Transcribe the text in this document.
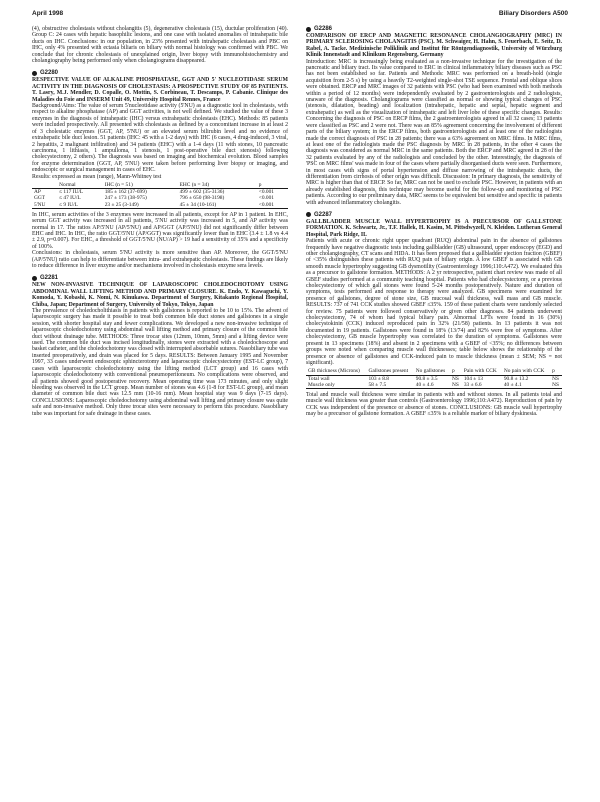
April 1998	Biliary Disorders A500

(4), obstructive cholestasis without cholangitis (5), degenerative cholestasis (15), ductular proliferation (40). Group C: 24 cases with hepatic basophilic lesions, and one case with isolated anomalies of intrahepatic bile ducts on IHC. Conclusions: in our population, in 23% presented with intrahepatic cholestasis and PBC on IHC, only 4% presented with ectasia biliaris on biliary with normal histology was confirmed with PBC. We conclude that for chronic cholestasis of unexplained origin, liver biopsy with immunohistochemistry and cholangiography being performed only when cholangiograms disappeared.

G2280

RESPECTIVE VALUE OF ALKALINE PHOSPHATASE, GGT AND 5' NUCLEOTIDASE SERUM ACTIVITY IN THE DIAGNOSIS OF CHOLESTASIS: A PROSPECTIVE STUDY OF 85 PATIENTS. T. Lasry, M.J. Mendler, D. Copalle, O. Mottin, S. Corbineau, T. Descamps, P. Cabanie. Clinique des Maladies du Foie and INSERM Unit 49, University Hospital Rennes, France

Background/Aims: The value of serum 5'nucleotidase activity (5'NU) as a diagnostic tool in cholestasis, with respect to alkaline phosphatase (AP) and GGT activities, is not well defined. We studied the value of these 3 enzymes in the diagnosis of intrahepatic (IHC) versus extrahepatic cholestasis (EHC). Methods: 85 patients were included prospectively. All presented with cholestasis as defined by a concomitant increase in at least 2 of 3 cholestatic enzymes (GGT, AP, 5'NU) or an elevated serum bilirubin level and no evidence of extrahepatic bile duct lesion. 51 patients (IHC: 45 with a 1-2 days) with IHC (6 cases, 4 drug-induced, 3 viral, 2 hepatitis, 2 malignant infiltration) and 34 patients (EHC) with a 1-4 days (11 with stones, 10 pancreatic carcinoma, 1 lithiasis, 1 ampulloma, 1 stenosis, 1 post-operative bile duct stenosis) following cholecystectomy, 2 others). The diagnosis was based on imaging and biochemical evolution. Blood samples for enzyme determination (GGT, AP, 5'NU) were taken before performing liver biopsy or imaging, and endoscopic or surgical management in cases of EHC.

Results: expressed as mean (range), Mann-Whitney test

	Normal	IHC (n = 51)	EHC (n = 34)	p
AP	≤ 117 IU/L	185 ± 162 (37-699)	499 ± 602 (35-3136)	<0.001
GGT	≤ 47 IU/L	247 ± 173 (38-975)	796 ± 650 (98-3198)	<0.001
5'NU	≤ 9 IU/L	23 ± 25 (3-149)	45 ± 34 (10-161)	<0.001

In IHC, serum activities of the 3 enzymes were increased in all patients, except for AP in 1 patient. In EHC, serum GGT activity was increased in all patients, 5'NU activity was increased in 5, and AP activity was normal in 17. The ratios AP/5'NU (AP/5'NU) and AP/GGT (AP/5'NU) did not significantly differ between EHC and IHC. In IHC, the ratio GGT/5'NU (AP/GGT) was significantly lower than in EHC (3.4 ± 1.8 vs 4.4 ± 2.9, p=0.007). For EHC, a threshold of GGT/5'NU (NU/AP) > 19 had a sensitivity of 35% and a specificity of 100%.

Conclusions: in cholestasis, serum 5'NU activity is more sensitive than AP. Moreover, the GGT/5'NU (AP/5'NU) ratio can help to differentiate between intra- and extrahepatic cholestasis. These findings are likely to reduce difference in liver enzyme and/or mechanisms involved in cholestasis enzyme sera levels.

G2281

NEW NON-INVASIVE TECHNIQUE OF LAPAROSCOPIC CHOLEDOCHOTOMY USING ABDOMINAL WALL LIFTING METHOD AND PRIMARY CLOSURE. K. Endo, Y. Kawaguchi, Y. Komoda, Y. Kobashi, K. Nomi, N. Kinukawa. Department of Surgery, Kitakanto Regional Hospital, Chiba, Japan; Department of Surgery, University of Tokyo, Tokyo, Japan

The prevalence of choledocholithiasis in patients with gallstones is reported to be 10 to 15%. The advent of laparoscopic surgery has made it possible to treat both common bile duct stones and gallstones in a single session, with shorter hospital stay and fewer complications. We developed a new non-invasive technique of laparoscopic choledochotomy using abdominal wall lifting method and primary closure of the common bile duct without drainage tube. METHODS: Three trocar sites (12mm, 10mm, 5mm) and a lifting device were used. The common bile duct was incised longitudinally, stones were extracted with a choledochoscope and basket catheter, and the choledochotomy was closed with interrupted absorbable sutures. Nasobiliary tube was inserted preoperatively, and drain was placed for 5 days. RESULTS: Between January 1995 and November 1997, 33 cases underwent endoscopic sphincterotomy and laparoscopic cholecystectomy (EST-LC group), 7 cases with laparoscopic choledochotomy using the lifting method (LCT group) and 16 cases with laparoscopic choledochotomy with conventional pneumoperitoneum. No complications were observed, and all patients showed good postoperative recovery. Mean operating time was 173 minutes, and only slight bleeding was observed in the LCT group. Mean number of stones was 4.6 (1-8 for EST-LC group), and mean diameter of common bile duct was 12.5 mm (10-16 mm). Mean hospital stay was 9 days (7-15 days). CONCLUSIONS: Laparoscopic choledochotomy using abdominal wall lifting and primary closure was quite safe and non-invasive method. Only three trocar sites were necessary to perform this procedure. Nasobiliary tube was important for safe drainage in these cases.

G2286

COMPARISON OF ERCP AND MAGNETIC RESONANCE CHOLANGIOGRAPHY (MRC) IN PRIMARY SCLEROSING CHOLANGITIS (PSC). M. Schwaiger, H. Hahn, S. Feuerbach, E. Seitz, D. Rabel, A. Tacke. Medizinische Poliklinik and Institut für Röntgendiagnostik, University of Würzburg Klinik Innenstadt and Klinikum Regensburg, Germany

Introduction: MRC is increasingly being evaluated as a non-invasive technique for the investigation of the pancreatic and biliary tract. Its value compared to ERC in clinical inflammatory biliary diseases such as PSC has not been established so far. Patients and Methods: MRC was performed on a breath-hold (single acquisition from 2-5 s) by using a heavily T2-weighted single-shot TSE sequence. Frontal and oblique slices were obtained. ERCP and MRC images of 32 patients with PSC (who had been examined with both methods within a period of 12 months) were independently evaluated by 2 gastroenterologists and 2 radiologists, unaware of the diagnosis. Cholangiograms were classified as normal or showing typical changes of PSC (stenosis, dilatation, beading) and localization (intrahepatic, hepatic and septal, hepatic segment and extrahepatic) as well as the visualization of intrahepatic and left liver lobe of these specific changes. Results: Concerning the diagnosis of PSC on ERCP films, the 2 gastroenterologists agreed in all 32 cases; 13 patients were classified as PSC and 2 were not. There was an 85% agreement concerning the involvement of different parts of the biliary system; in the ERCP films, both gastroenterologists and at least one of the radiologists made the correct diagnosis of PSC in 28 patients; there was a 63% agreement on MRC films. In MRC films, at least one of the radiologists made the PSC diagnosis by MRC in 28 patients, in the other 4 cases the diagnosis was considered as normal MRC in the same patients. Both the ERCP and MRC agreed in 28 of the 32 patients evaluated by any of the radiologists and concluded by the other. Interestingly, the diagnosis of 'PSC on MRC films' was made in four of the cases where partially disorganised ducts were seen. Furthermore, in most cases with signs of portal hypertension and diffuse narrowing of the intrahepatic ducts, the differentiation from cirrhosis of other origin was difficult. Discussion: In primary diagnosis, the sensitivity of MRC is higher than that of ERCP. So far, MRC can not be used to exclude PSC. However, in patients with an already established diagnosis, this technique may become useful for the follow-up and monitoring of PSC patients. According to our preliminary data, MRC seems to be equivalent but sensitive and specific in patients with advanced inflammatory cholangitis.

G2287

GALLBLADDER MUSCLE WALL HYPERTROPHY IS A PRECURSOR OF GALLSTONE FORMATION. K. Schwartz, Jr., T.F. Hallek, H. Kasim, M. Pittsdwyzell, N. Kleidon. Lutheran General Hospital, Park Ridge, IL

Patients with acute or chronic right upper quadrant (RUQ) abdominal pain in the absence of gallstones frequently have negative diagnostic tests including gallbladder (GB) ultrasound, upper endoscopy (EGD) and other cholangiography, CT scans and HIDA. It has been proposed that a gallbladder ejection fraction (GBEF) of <35% distinguishes these patients with RUQ pain of biliary origin. A low GBEF is associated with GB smooth muscle hypertrophy suggesting GB dysmotility (Gastroenterology 1996;110:A472). We evaluated this as a precursor to gallstone formation. METHODS: A 2 yr retrospective, patient chart review was made of all GBEF studies performed at a community teaching hospital. Patients who had cholecystectomy, or a previous cholecystectomy of which gall stones were found 5-24 months postoperatively. Nature and duration of symptoms, tests performed and response to therapy were analyzed. GB specimens were examined for presence of gallstones, degree of stone size, GB mucosal wall thickness, wall mass and GB muscle. RESULTS: 737 of 741 CCK studies showed GBEF ≤35%. 159 of these patient charts were randomly selected for review. 75 patients were followed conservatively or given other diagnoses. 84 patients underwent cholecystectomy, 74 of whom had typical biliary pain. Abnormal LFTs were found in 16 (30%) cholecystokinin (CCK) induced reproduced pain in 32% (21/58) patients. In 13 patients it was not documented in 19 patients. Gallstones were found in 18% (13/74) and 82% were free of symptoms. After cholecystectomy, GB muscle hypertrophy was correlated to the duration of symptoms. Gallstones were present in 13 specimens (18%) and absent in 2 specimens with a GBEF of <35%; no differences between groups were noted when comparing muscle wall thicknesses; table below shows the relationship of the presence or absence of gallstones and CCK-induced pain to muscle thickness (mean ± SEM; NS = not significant).

GB thickness (Microns)	Gallstones present	No gallstones	p	Pain with CCK	No pain with CCK	p
Total wall	103 ± 8.8	90.8 ± 3.5	NS	104 ± 13	90.8 ± 13.2	NS
Muscle only	58 ± 7.5	40 ± 4.6	NS	33 ± 6.6	40 ± 4.1	NS

Total and muscle wall thickness were similar in patients with and without stones. In all patients total and muscle wall thickness was greater than controls (Gastroenterology 1996;110:A472). Reproduction of pain by CCK was independent of the presence or absence of stones. CONCLUSIONS: GB muscle wall hypertrophy may be a precursor of gallstone formation. A GBEF ≤35% is a reliable marker of biliary dyskinesia.
